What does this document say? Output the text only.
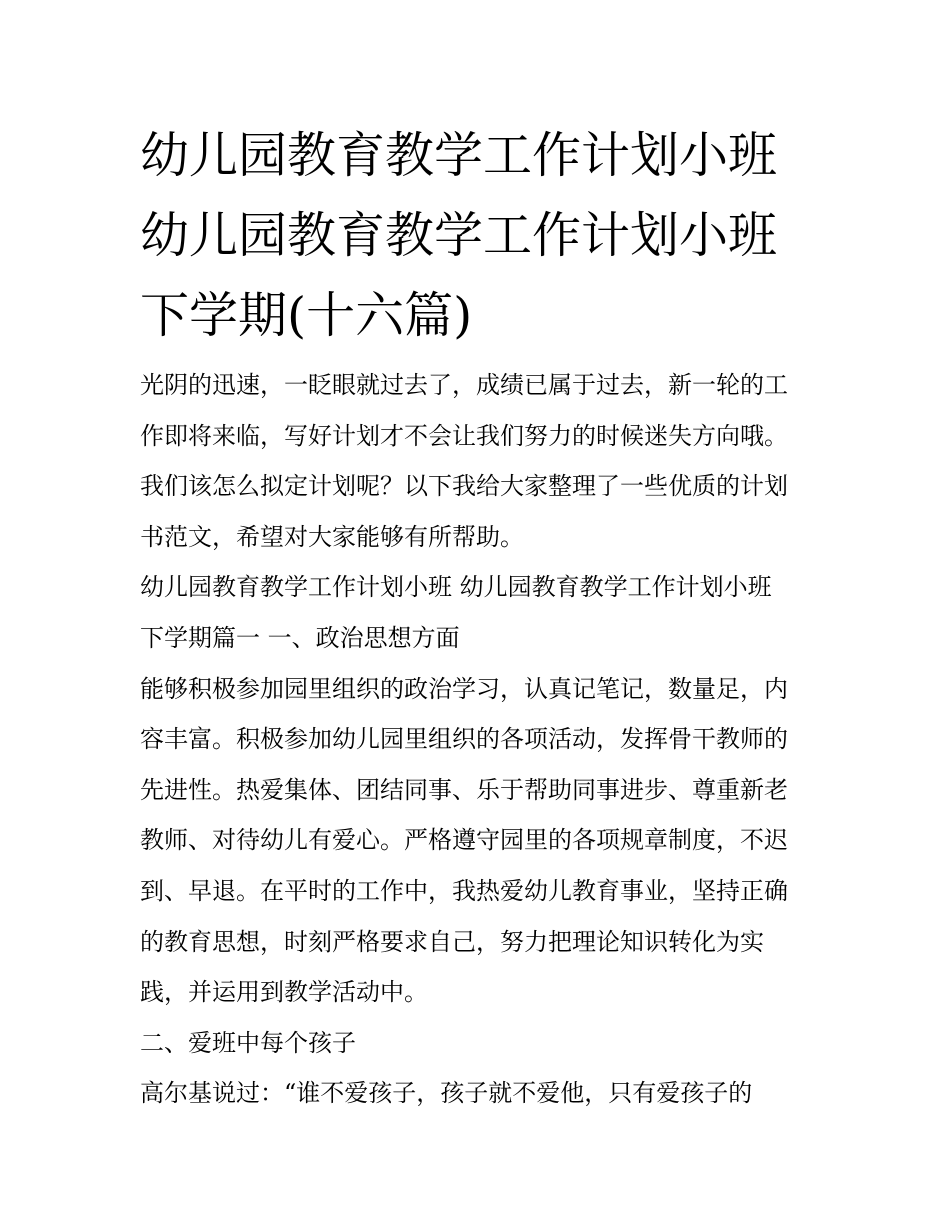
幼儿园教育教学工作计划小班
幼儿园教育教学工作计划小班
下学期(十六篇)
光阴的迅速，一眨眼就过去了，成绩已属于过去，新一轮的工
作即将来临，写好计划才不会让我们努力的时候迷失方向哦。
我们该怎么拟定计划呢？以下我给大家整理了一些优质的计划
书范文，希望对大家能够有所帮助。
幼儿园教育教学工作计划小班 幼儿园教育教学工作计划小班
下学期篇一 一、政治思想方面
能够积极参加园里组织的政治学习，认真记笔记，数量足，内
容丰富。积极参加幼儿园里组织的各项活动，发挥骨干教师的
先进性。热爱集体、团结同事、乐于帮助同事进步、尊重新老
教师、对待幼儿有爱心。严格遵守园里的各项规章制度，不迟
到、早退。在平时的工作中，我热爱幼儿教育事业，坚持正确
的教育思想，时刻严格要求自己，努力把理论知识转化为实
践，并运用到教学活动中。
二、爱班中每个孩子
高尔基说过：“谁不爱孩子，孩子就不爱他，只有爱孩子的
